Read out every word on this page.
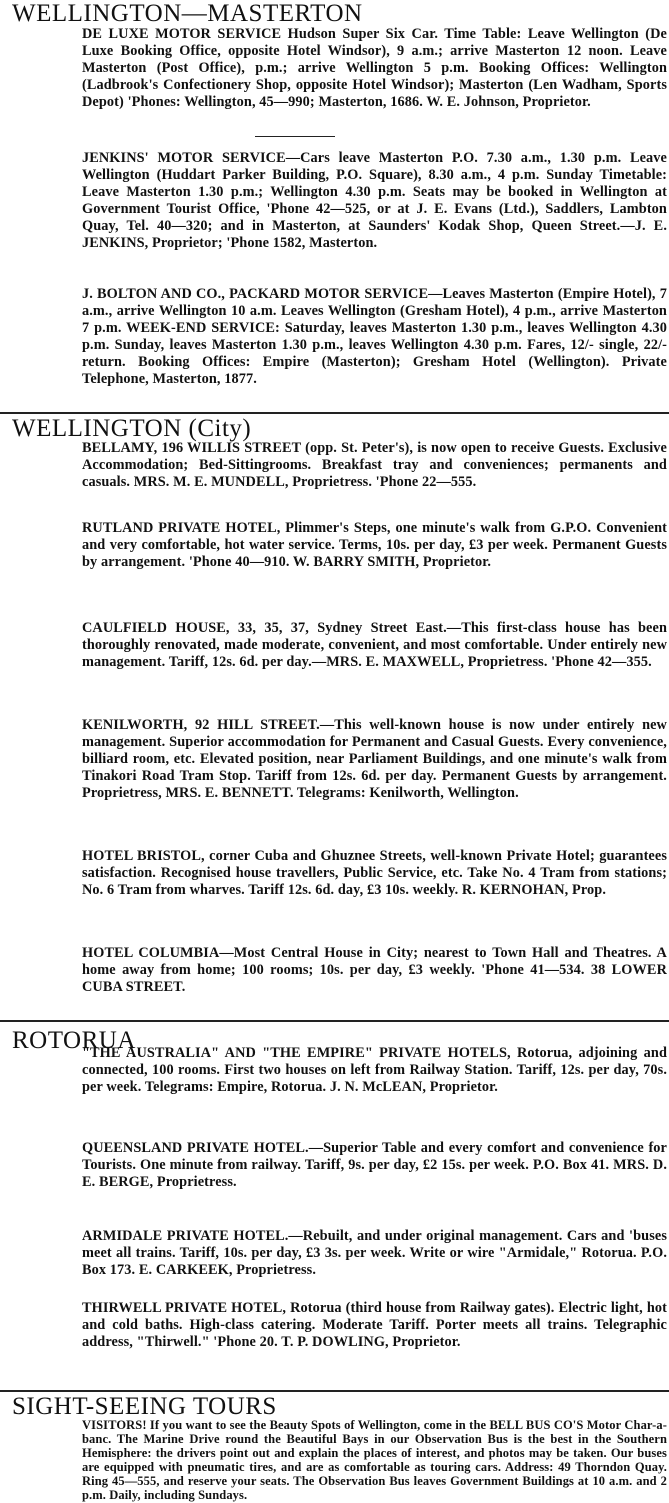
WELLINGTON—MASTERTON

DE LUXE MOTOR SERVICE Hudson Super Six Car. Time Table: Leave Wellington (De Luxe Booking Office, opposite Hotel Windsor), 9 a.m.; arrive Masterton 12 noon. Leave Masterton (Post Office), p.m.; arrive Wellington 5 p.m. Booking Offices: Wellington (Ladbrook's Confectionery Shop, opposite Hotel Windsor); Masterton (Len Wadham, Sports Depot) 'Phones: Wellington, 45—990; Masterton, 1686. W. E. Johnson, Proprietor.

JENKINS' MOTOR SERVICE—Cars leave Masterton P.O. 7.30 a.m., 1.30 p.m. Leave Wellington (Huddart Parker Building, P.O. Square), 8.30 a.m., 4 p.m. Sunday Timetable: Leave Masterton 1.30 p.m.; Wellington 4.30 p.m. Seats may be booked in Wellington at Government Tourist Office, 'Phone 42—525, or at J. E. Evans (Ltd.), Saddlers, Lambton Quay, Tel. 40—320; and in Masterton, at Saunders' Kodak Shop, Queen Street.—J. E. JENKINS, Proprietor; 'Phone 1582, Masterton.

J. BOLTON AND CO., PACKARD MOTOR SERVICE—Leaves Masterton (Empire Hotel), 7 a.m., arrive Wellington 10 a.m. Leaves Wellington (Gresham Hotel), 4 p.m., arrive Masterton 7 p.m. WEEK-END SERVICE: Saturday, leaves Masterton 1.30 p.m., leaves Wellington 4.30 p.m. Sunday, leaves Masterton 1.30 p.m., leaves Wellington 4.30 p.m. Fares, 12/- single, 22/- return. Booking Offices: Empire (Masterton); Gresham Hotel (Wellington). Private Telephone, Masterton, 1877.

WELLINGTON (City)

BELLAMY, 196 WILLIS STREET (opp. St. Peter's), is now open to receive Guests. Exclusive Accommodation; Bed-Sittingrooms. Breakfast tray and conveniences; permanents and casuals. MRS. M. E. MUNDELL, Proprietress. 'Phone 22—555.

RUTLAND PRIVATE HOTEL, Plimmer's Steps, one minute's walk from G.P.O. Convenient and very comfortable, hot water service. Terms, 10s. per day, £3 per week. Permanent Guests by arrangement. 'Phone 40—910. W. BARRY SMITH, Proprietor.

CAULFIELD HOUSE, 33, 35, 37, Sydney Street East.—This first-class house has been thoroughly renovated, made moderate, convenient, and most comfortable. Under entirely new management. Tariff, 12s. 6d. per day.—MRS. E. MAXWELL, Proprietress. 'Phone 42—355.

KENILWORTH, 92 HILL STREET.—This well-known house is now under entirely new management. Superior accommodation for Permanent and Casual Guests. Every convenience, billiard room, etc. Elevated position, near Parliament Buildings, and one minute's walk from Tinakori Road Tram Stop. Tariff from 12s. 6d. per day. Permanent Guests by arrangement. Proprietress, MRS. E. BENNETT. Telegrams: Kenilworth, Wellington.

HOTEL BRISTOL, corner Cuba and Ghuznee Streets, well-known Private Hotel; guarantees satisfaction. Recognised house travellers, Public Service, etc. Take No. 4 Tram from stations; No. 6 Tram from wharves. Tariff 12s. 6d. day, £3 10s. weekly. R. KERNOHAN, Prop.

HOTEL COLUMBIA—Most Central House in City; nearest to Town Hall and Theatres. A home away from home; 100 rooms; 10s. per day, £3 weekly. 'Phone 41—534. 38 LOWER CUBA STREET.

ROTORUA

"THE AUSTRALIA" AND "THE EMPIRE" PRIVATE HOTELS, Rotorua, adjoining and connected, 100 rooms. First two houses on left from Railway Station. Tariff, 12s. per day, 70s. per week. Telegrams: Empire, Rotorua. J. N. McLEAN, Proprietor.

QUEENSLAND PRIVATE HOTEL.—Superior Table and every comfort and convenience for Tourists. One minute from railway. Tariff, 9s. per day, £2 15s. per week. P.O. Box 41. MRS. D. E. BERGE, Proprietress.

ARMIDALE PRIVATE HOTEL.—Rebuilt, and under original management. Cars and 'buses meet all trains. Tariff, 10s. per day, £3 3s. per week. Write or wire "Armidale," Rotorua. P.O. Box 173. E. CARKEEK, Proprietress.

THIRWELL PRIVATE HOTEL, Rotorua (third house from Railway gates). Electric light, hot and cold baths. High-class catering. Moderate Tariff. Porter meets all trains. Telegraphic address, "Thirwell." 'Phone 20. T. P. DOWLING, Proprietor.

SIGHT-SEEING TOURS

VISITORS! If you want to see the Beauty Spots of Wellington, come in the BELL BUS CO'S Motor Char-a-banc. The Marine Drive round the Beautiful Bays in our Observation Bus is the best in the Southern Hemisphere: the drivers point out and explain the places of interest, and photos may be taken. Our buses are equipped with pneumatic tires, and are as comfortable as touring cars. Address: 49 Thorndon Quay. Ring 45—555, and reserve your seats. The Observation Bus leaves Government Buildings at 10 a.m. and 2 p.m. Daily, including Sundays.
